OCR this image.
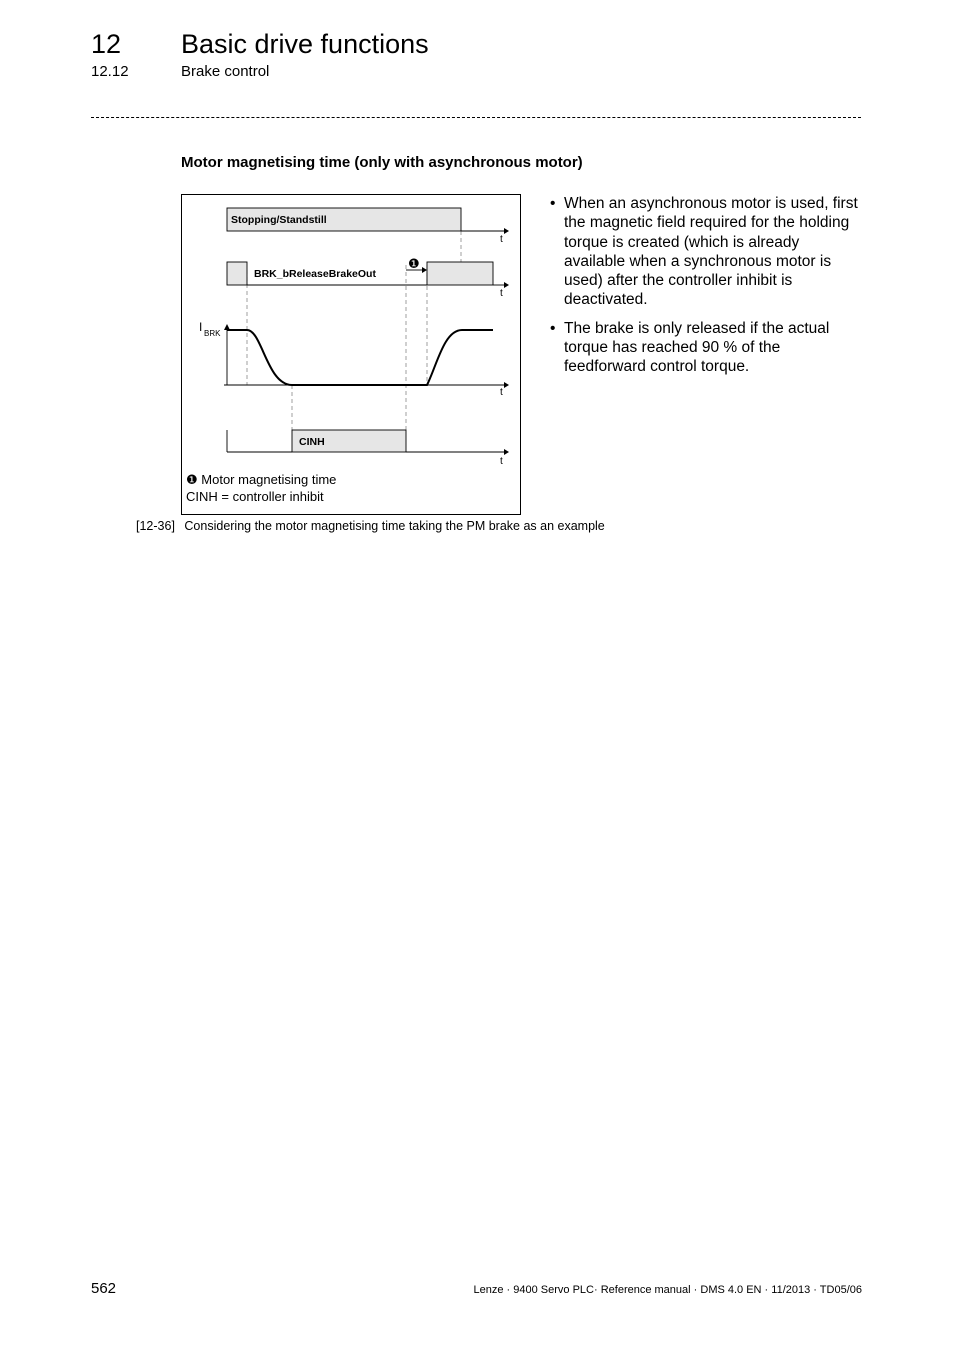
12 Basic drive functions
12.12	Brake control
Motor magnetising time (only with asynchronous motor)
Stopping/Standstill
t
BRK_bReleaseBrakeOut
t
❶
I BRK
t
CINH
t
❶ Motor magnetising time
CINH = controller inhibit
[12-36] Considering the motor magnetising time taking the PM brake as an example
• When an asynchronous motor is used, first the magnetic field required for the holding torque is created (which is already available when a synchronous motor is used) after the controller inhibit is deactivated.
• The brake is only released if the actual torque has reached 90 % of the feedforward control torque.
562	Lenze · 9400 Servo PLC· Reference manual · DMS 4.0 EN · 11/2013 · TD05/06
